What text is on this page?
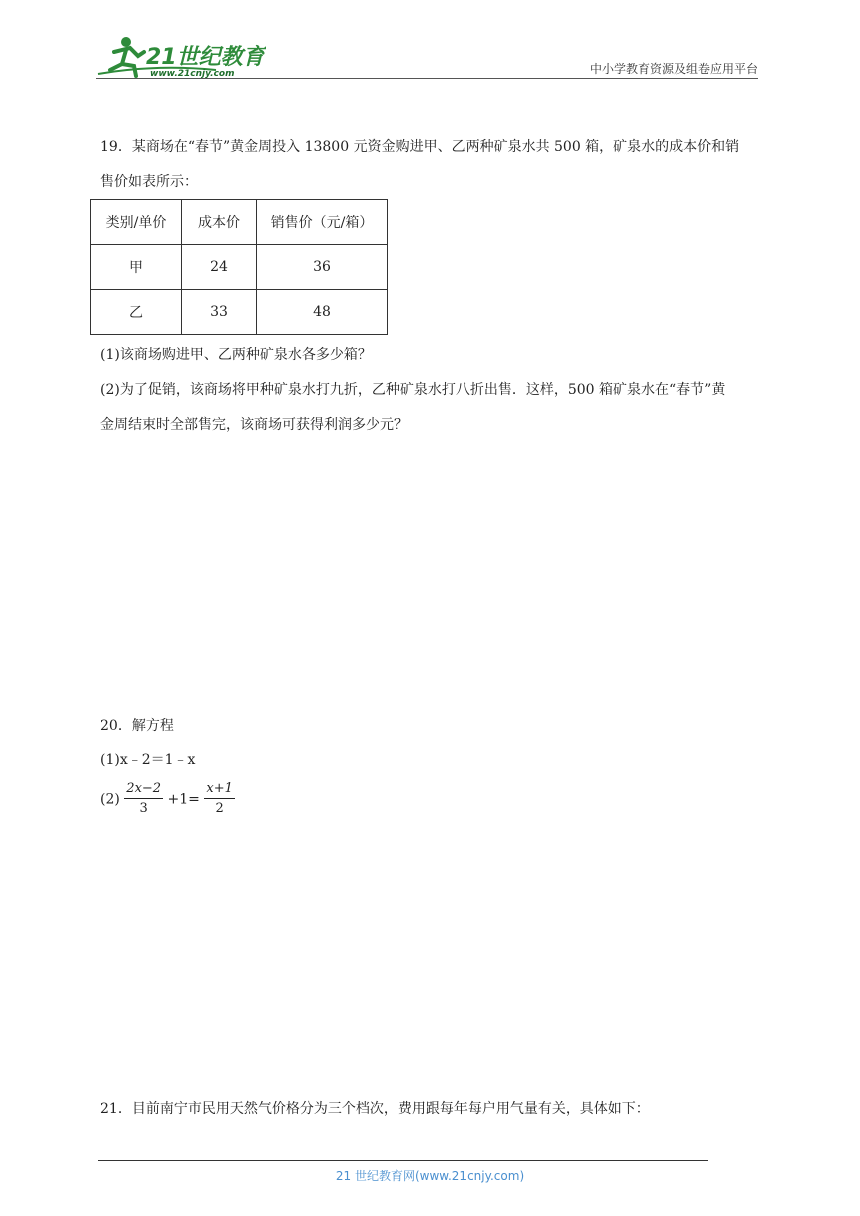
21世纪教育
www.21cnjy.com	中小学教育资源及组卷应用平台
19．某商场在“春节”黄金周投入 13800 元资金购进甲、乙两种矿泉水共 500 箱，矿泉水的成本价和销
售价如表所示：
类别/单价	成本价	销售价（元/箱）
甲	24	36
乙	33	48
(1)该商场购进甲、乙两种矿泉水各多少箱？
(2)为了促销，该商场将甲种矿泉水打九折，乙种矿泉水打八折出售．这样，500 箱矿泉水在“春节”黄
金周结束时全部售完，该商场可获得利润多少元？
20．解方程
(1)x﹣2＝1﹣x
$(2) \frac{2x-2}{3} +1= \frac{x+1}{2}$
21．目前南宁市民用天然气价格分为三个档次，费用跟每年每户用气量有关，具体如下：
21 世纪教育网(www.21cnjy.com)
